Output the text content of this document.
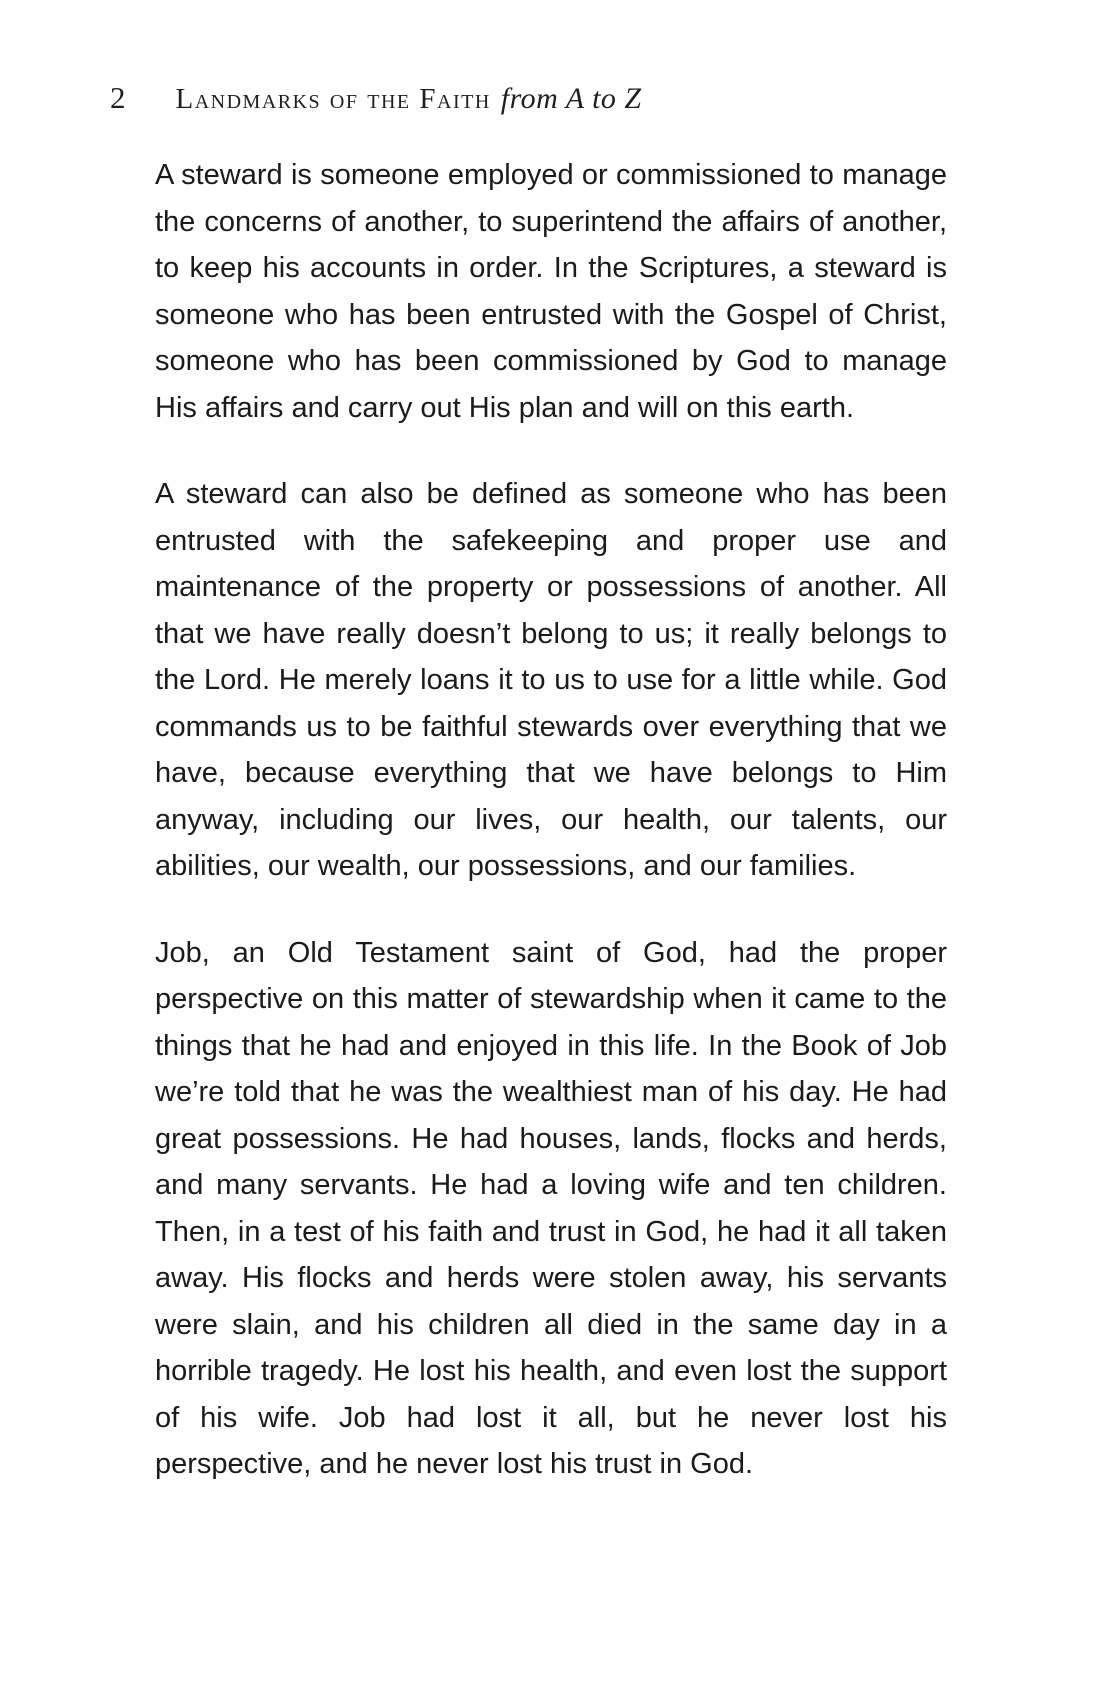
2 Landmarks of the Faith from A to Z

A steward is someone employed or commissioned to manage the concerns of another, to superintend the affairs of another, to keep his accounts in order. In the Scriptures, a steward is someone who has been entrusted with the Gospel of Christ, someone who has been commissioned by God to manage His affairs and carry out His plan and will on this earth.

A steward can also be defined as someone who has been entrusted with the safekeeping and proper use and maintenance of the property or possessions of another. All that we have really doesn’t belong to us; it really belongs to the Lord. He merely loans it to us to use for a little while. God commands us to be faithful stewards over everything that we have, because everything that we have belongs to Him anyway, including our lives, our health, our talents, our abilities, our wealth, our possessions, and our families.

Job, an Old Testament saint of God, had the proper perspective on this matter of stewardship when it came to the things that he had and enjoyed in this life. In the Book of Job we’re told that he was the wealthiest man of his day. He had great possessions. He had houses, lands, flocks and herds, and many servants. He had a loving wife and ten children. Then, in a test of his faith and trust in God, he had it all taken away. His flocks and herds were stolen away, his servants were slain, and his children all died in the same day in a horrible tragedy. He lost his health, and even lost the support of his wife. Job had lost it all, but he never lost his perspective, and he never lost his trust in God.
